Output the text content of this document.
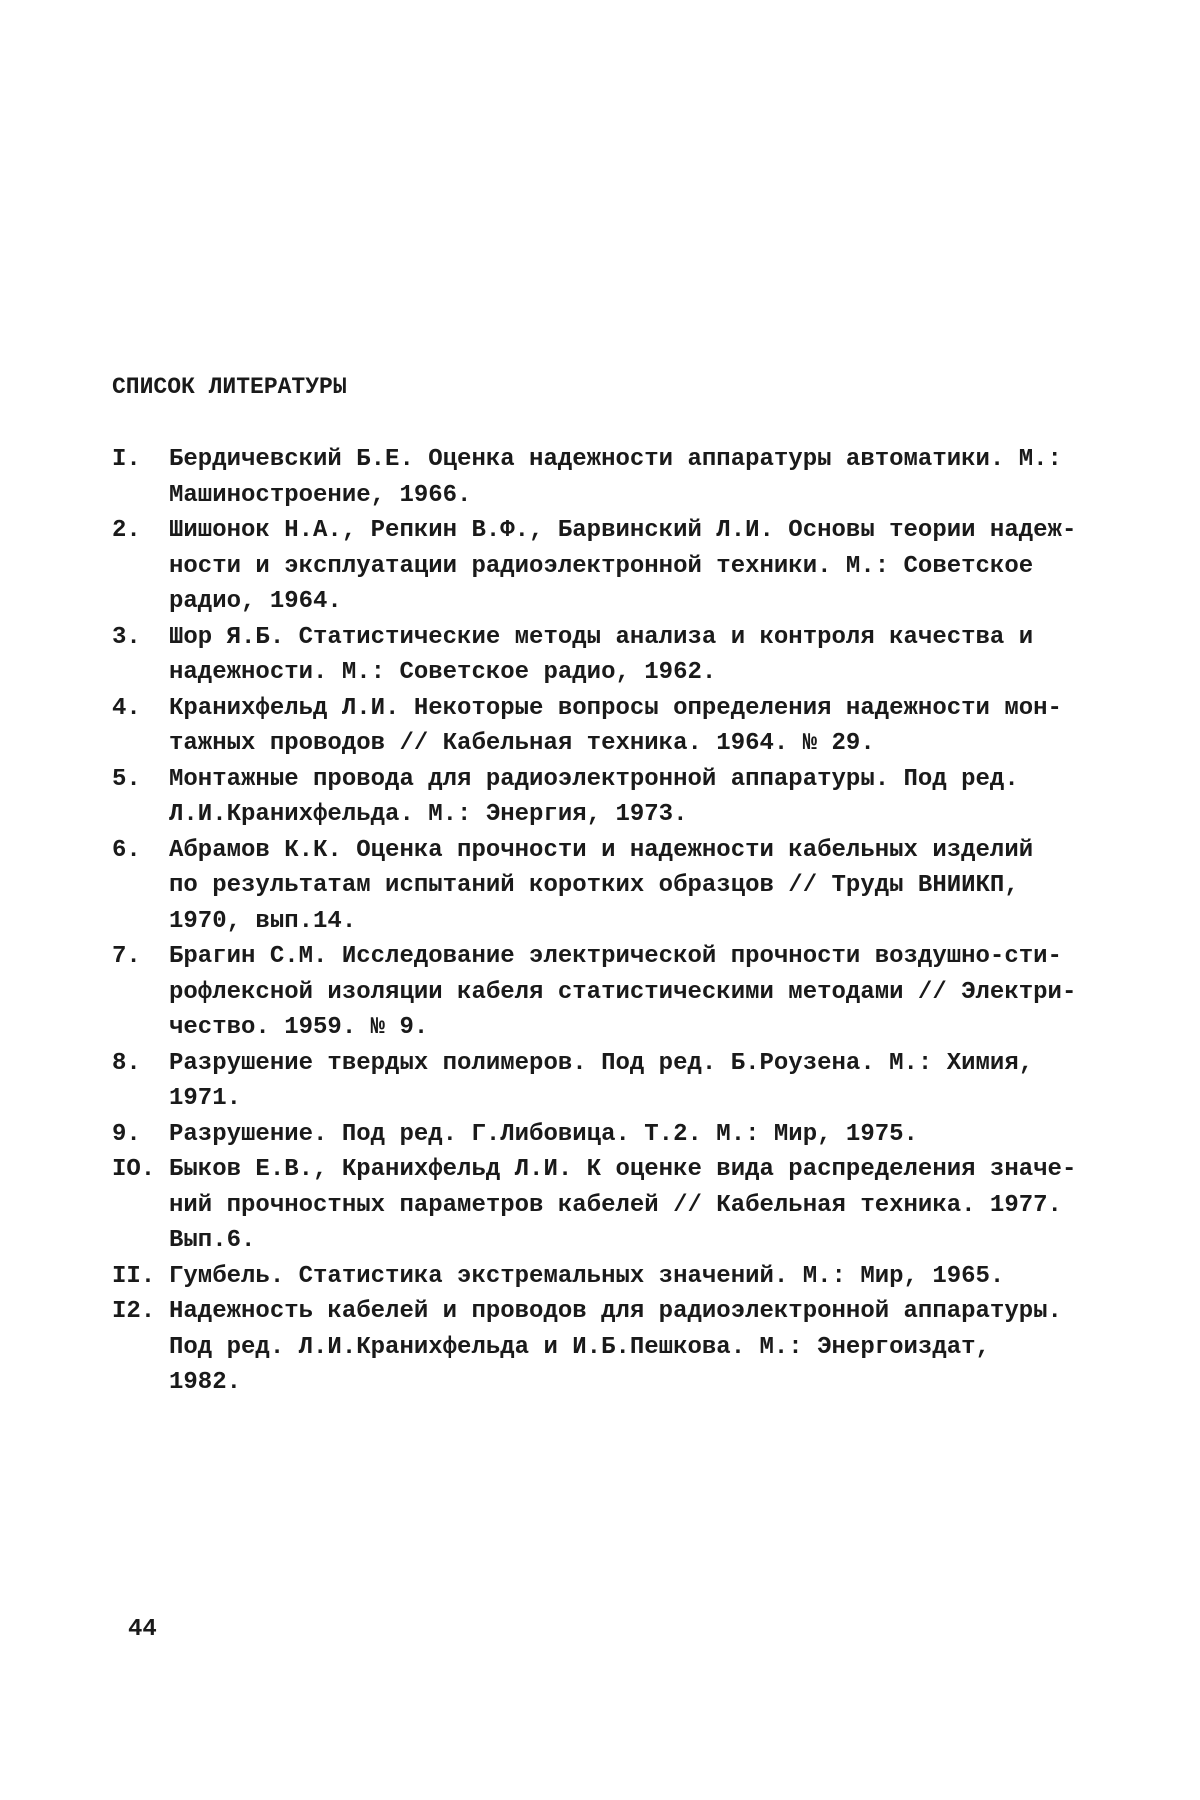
СПИСОК ЛИТЕРАТУРЫ
I.	Бердичевский Б.Е. Оценка надежности аппаратуры автоматики. М.:
Машиностроение, 1966.
2.	Шишонок Н.А., Репкин В.Ф., Барвинский Л.И. Основы теории надеж-
ности и эксплуатации радиоэлектронной техники. М.: Советское
радио, 1964.
3.	Шор Я.Б. Статистические методы анализа и контроля качества и
надежности. М.: Советское радио, 1962.
4.	Кранихфельд Л.И. Некоторые вопросы определения надежности мон-
тажных проводов // Кабельная техника. 1964. № 29.
5.	Монтажные провода для радиоэлектронной аппаратуры. Под ред.
Л.И.Кранихфельда. М.: Энергия, 1973.
6.	Абрамов К.К. Оценка прочности и надежности кабельных изделий
по результатам испытаний коротких образцов // Труды ВНИИКП,
1970, вып.14.
7.	Брагин С.М. Исследование электрической прочности воздушно-сти-
рофлексной изоляции кабеля статистическими методами // Электри-
чество. 1959. № 9.
8.	Разрушение твердых полимеров. Под ред. Б.Роузена. М.: Химия,
1971.
9.	Разрушение. Под ред. Г.Либовица. Т.2. М.: Мир, 1975.
IO. Быков Е.В., Кранихфельд Л.И. К оценке вида распределения значе-
ний прочностных параметров кабелей // Кабельная техника. 1977.
Вып.6.
II. Гумбель. Статистика экстремальных значений. М.: Мир, 1965.
I2. Надежность кабелей и проводов для радиоэлектронной аппаратуры.
Под ред. Л.И.Кранихфельда и И.Б.Пешкова. М.: Энергоиздат,
1982.
44
